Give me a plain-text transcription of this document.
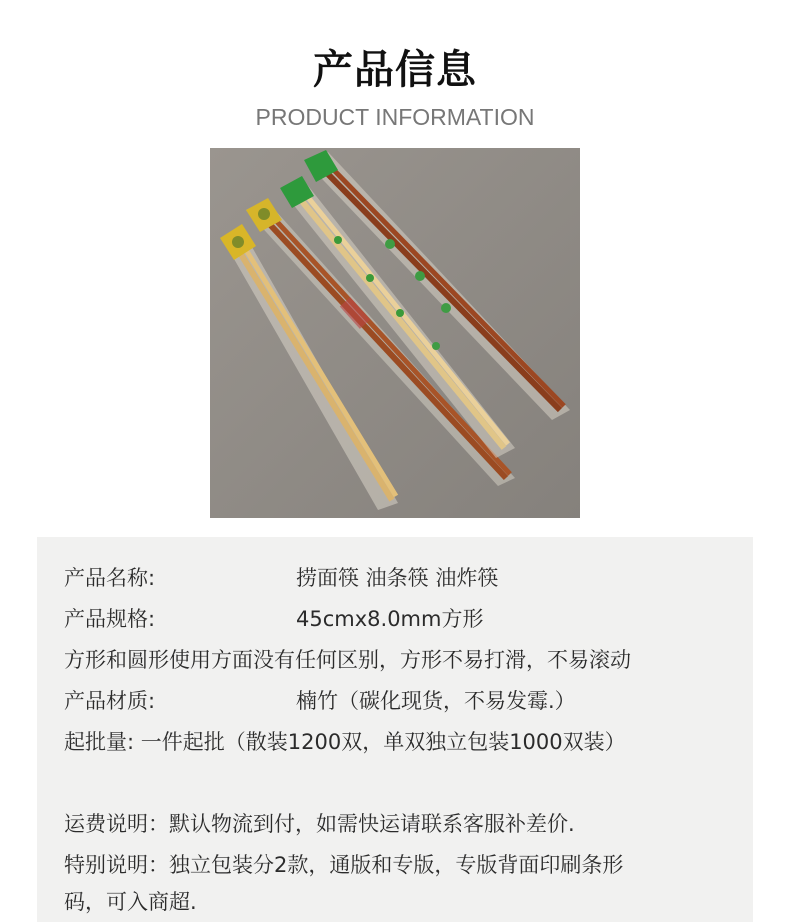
产品信息
PRODUCT INFORMATION
产品名称:	捞面筷 油条筷 油炸筷
产品规格:	45cmx8.0mm方形
方形和圆形使用方面没有任何区别，方形不易打滑，不易滚动
产品材质:	楠竹（碳化现货，不易发霉.）
起批量: 一件起批（散装1200双，单双独立包装1000双装）
运费说明：默认物流到付，如需快运请联系客服补差价.
特别说明：独立包装分2款，通版和专版，专版背面印刷条形
码，可入商超.
